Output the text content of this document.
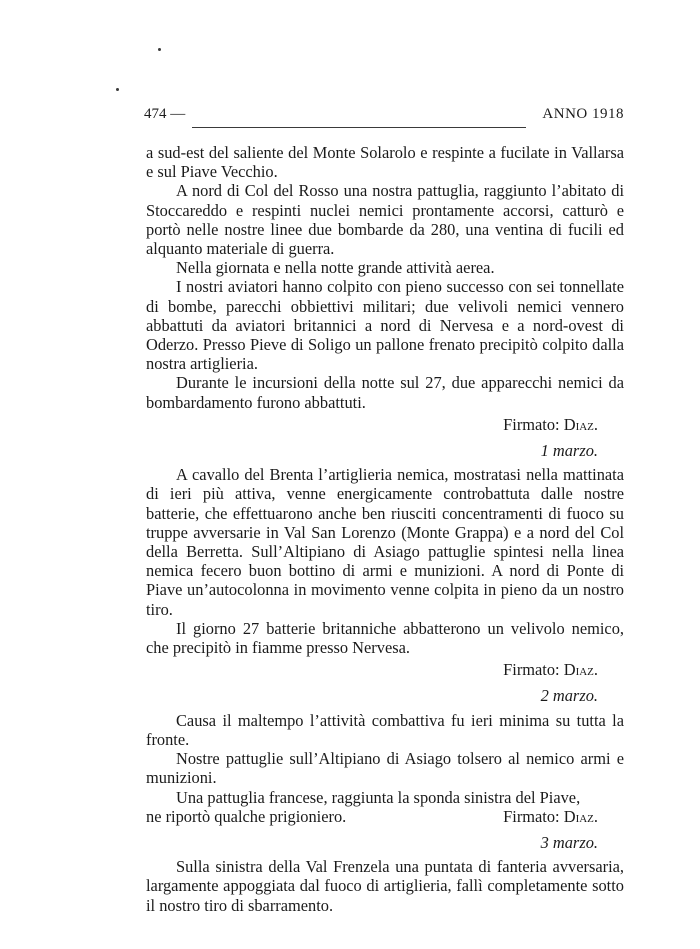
474 —	ANNO 1918

a sud-est del saliente del Monte Solarolo e respinte a fucilate in Vallarsa e sul Piave Vecchio.

A nord di Col del Rosso una nostra pattuglia, raggiunto l’abitato di Stoccareddo e respinti nuclei nemici prontamente accorsi, catturò e portò nelle nostre linee due bombarde da 280, una ventina di fucili ed alquanto materiale di guerra.

Nella giornata e nella notte grande attività aerea.

I nostri aviatori hanno colpito con pieno successo con sei tonnellate di bombe, parecchi obbiettivi militari; due velivoli nemici vennero abbattuti da aviatori britannici a nord di Nervesa e a nord-ovest di Oderzo. Presso Pieve di Soligo un pallone frenato precipitò colpito dalla nostra artiglieria.

Durante le incursioni della notte sul 27, due apparecchi nemici da bombardamento furono abbattuti.

Firmato: Diaz.

1 marzo.

A cavallo del Brenta l’artiglieria nemica, mostratasi nella mattinata di ieri più attiva, venne energicamente controbattuta dalle nostre batterie, che effettuarono anche ben riusciti concentramenti di fuoco su truppe avversarie in Val San Lorenzo (Monte Grappa) e a nord del Col della Berretta. Sull’Altipiano di Asiago pattuglie spintesi nella linea nemica fecero buon bottino di armi e munizioni. A nord di Ponte di Piave un’autocolonna in movimento venne colpita in pieno da un nostro tiro.

Il giorno 27 batterie britanniche abbatterono un velivolo nemico, che precipitò in fiamme presso Nervesa.

Firmato: Diaz.

2 marzo.

Causa il maltempo l’attività combattiva fu ieri minima su tutta la fronte.

Nostre pattuglie sull’Altipiano di Asiago tolsero al nemico armi e munizioni.

Una pattuglia francese, raggiunta la sponda sinistra del Piave,

ne riportò qualche prigioniero.	Firmato: Diaz.

3 marzo.

Sulla sinistra della Val Frenzela una puntata di fanteria avversaria, largamente appoggiata dal fuoco di artiglieria, fallì completamente sotto il nostro tiro di sbarramento.
